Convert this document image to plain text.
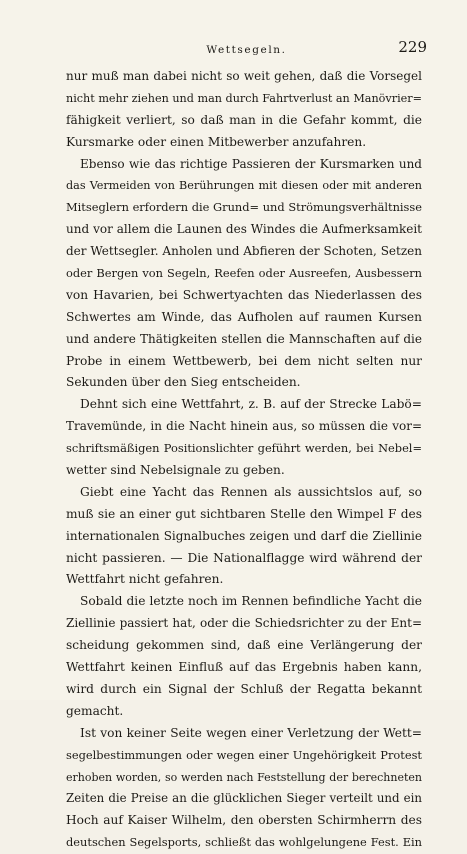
Wettsegeln.	229
nur muß man dabei nicht so weit gehen, daß die Vorsegel
nicht mehr ziehen und man durch Fahrtverlust an Manövrier=
fähigkeit verliert, so daß man in die Gefahr kommt, die
Kursmarke oder einen Mitbewerber anzufahren.
Ebenso wie das richtige Passieren der Kursmarken und
das Vermeiden von Berührungen mit diesen oder mit anderen
Mitseglern erfordern die Grund= und Strömungsverhältnisse
und vor allem die Launen des Windes die Aufmerksamkeit
der Wettsegler. Anholen und Abfieren der Schoten, Setzen
oder Bergen von Segeln, Reefen oder Ausreefen, Ausbessern
von Havarien, bei Schwertyachten das Niederlassen des
Schwertes am Winde, das Aufholen auf raumen Kursen
und andere Thätigkeiten stellen die Mannschaften auf die
Probe in einem Wettbewerb, bei dem nicht selten nur
Sekunden über den Sieg entscheiden.
Dehnt sich eine Wettfahrt, z. B. auf der Strecke Labö=
Travemünde, in die Nacht hinein aus, so müssen die vor=
schriftsmäßigen Positionslichter geführt werden, bei Nebel=
wetter sind Nebelsignale zu geben.
Giebt eine Yacht das Rennen als aussichtslos auf, so
muß sie an einer gut sichtbaren Stelle den Wimpel F des
internationalen Signalbuches zeigen und darf die Ziellinie
nicht passieren. — Die Nationalflagge wird während der
Wettfahrt nicht gefahren.
Sobald die letzte noch im Rennen befindliche Yacht die
Ziellinie passiert hat, oder die Schiedsrichter zu der Ent=
scheidung gekommen sind, daß eine Verlängerung der
Wettfahrt keinen Einfluß auf das Ergebnis haben kann,
wird durch ein Signal der Schluß der Regatta bekannt
gemacht.
Ist von keiner Seite wegen einer Verletzung der Wett=
segelbestimmungen oder wegen einer Ungehörigkeit Protest
erhoben worden, so werden nach Feststellung der berechneten
Zeiten die Preise an die glücklichen Sieger verteilt und ein
Hoch auf Kaiser Wilhelm, den obersten Schirmherrn des
deutschen Segelsports, schließt das wohlgelungene Fest. Ein
